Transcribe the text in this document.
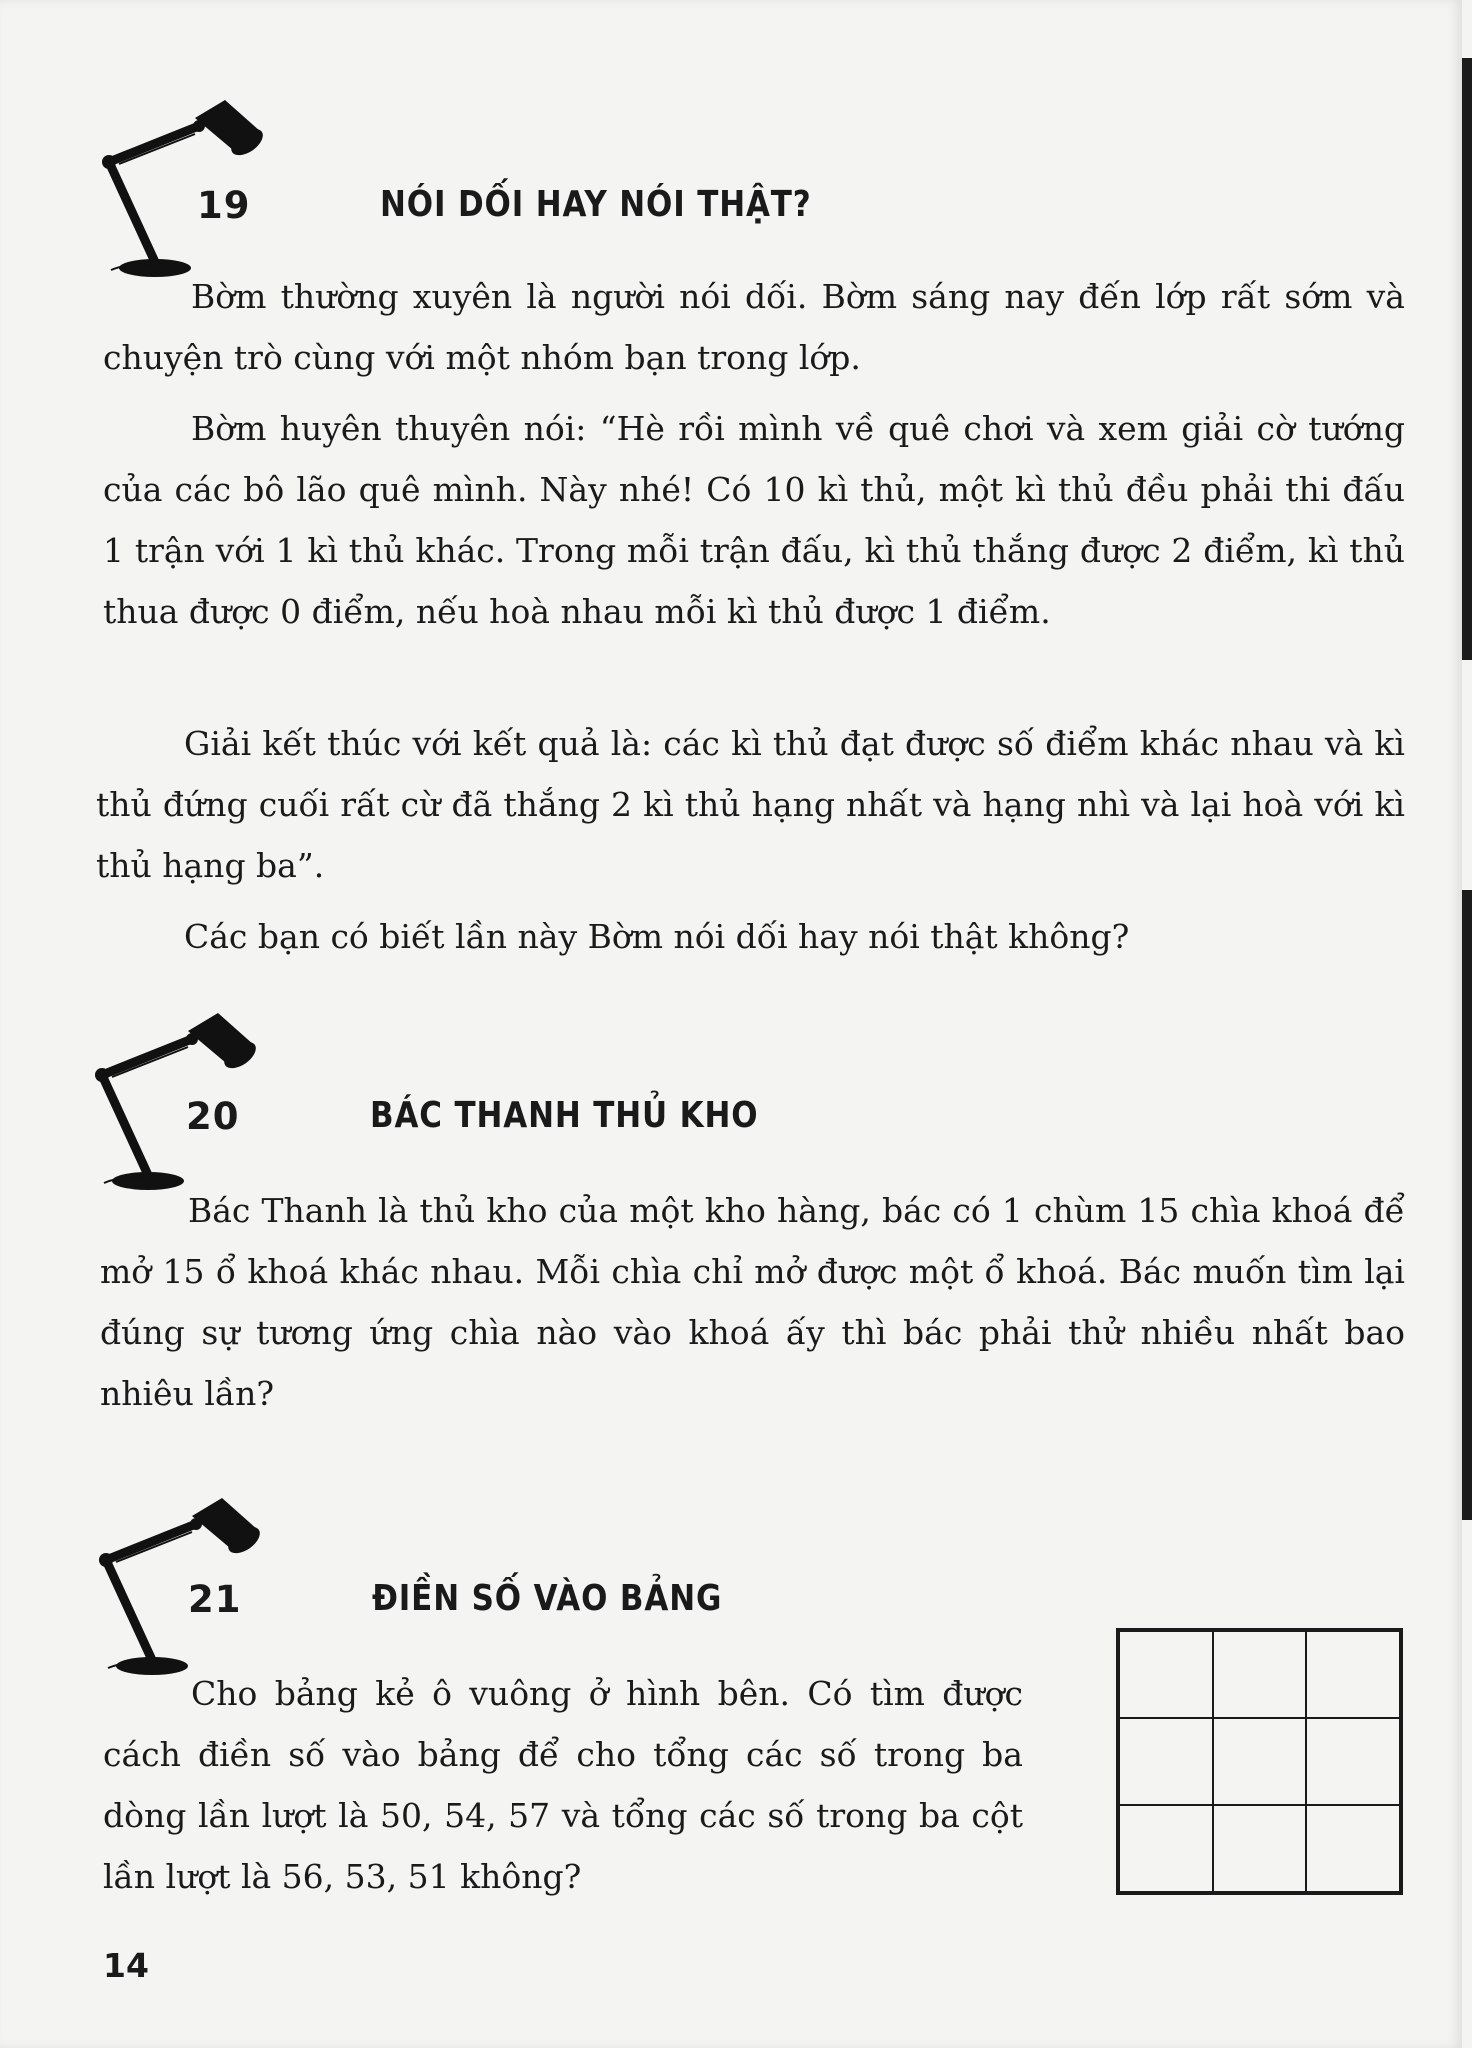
19	NÓI DỐI HAY NÓI THẬT?

Bờm thường xuyên là người nói dối. Bờm sáng nay đến lớp rất sớm và chuyện trò cùng với một nhóm bạn trong lớp.

Bờm huyên thuyên nói: “Hè rồi mình về quê chơi và xem giải cờ tướng của các bô lão quê mình. Này nhé! Có 10 kì thủ, một kì thủ đều phải thi đấu 1 trận với 1 kì thủ khác. Trong mỗi trận đấu, kì thủ thắng được 2 điểm, kì thủ thua được 0 điểm, nếu hoà nhau mỗi kì thủ được 1 điểm.

Giải kết thúc với kết quả là: các kì thủ đạt được số điểm khác nhau và kì thủ đứng cuối rất cừ đã thắng 2 kì thủ hạng nhất và hạng nhì và lại hoà với kì thủ hạng ba”.

Các bạn có biết lần này Bờm nói dối hay nói thật không?

20	BÁC THANH THỦ KHO

Bác Thanh là thủ kho của một kho hàng, bác có 1 chùm 15 chìa khoá để mở 15 ổ khoá khác nhau. Mỗi chìa chỉ mở được một ổ khoá. Bác muốn tìm lại đúng sự tương ứng chìa nào vào khoá ấy thì bác phải thử nhiều nhất bao nhiêu lần?

21	ĐIỀN SỐ VÀO BẢNG

Cho bảng kẻ ô vuông ở hình bên. Có tìm được cách điền số vào bảng để cho tổng các số trong ba dòng lần lượt là 50, 54, 57 và tổng các số trong ba cột lần lượt là 56, 53, 51 không?

14
